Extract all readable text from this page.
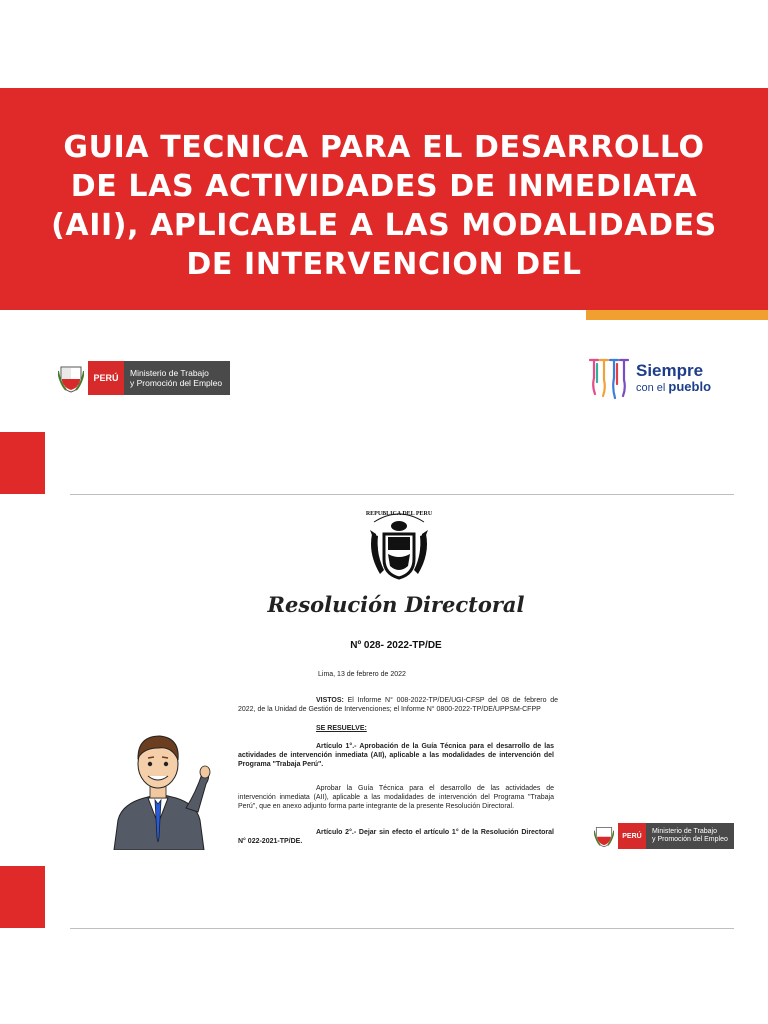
GUIA TECNICA PARA EL DESARROLLO DE LAS ACTIVIDADES DE INMEDIATA (AII), APLICABLE A LAS MODALIDADES DE INTERVENCION DEL
PERÚ	Ministerio de Trabajo
y Promoción del Empleo
Siempre
con el pueblo
REPUBLICA DEL PERU

Resolución Directoral

Nº 028- 2022-TP/DE

Lima, 13 de febrero de 2022

VISTOS: El Informe N° 008-2022-TP/DE/UGI-CFSP del 08 de febrero de 2022, de la Unidad de Gestión de Intervenciones; el Informe N° 0800-2022-TP/DE/UPPSM-CFPP

SE RESUELVE:

Artículo 1°.- Aprobación de la Guía Técnica para el desarrollo de las actividades de intervención inmediata (AII), aplicable a las modalidades de intervención del Programa "Trabaja Perú".

Aprobar la Guía Técnica para el desarrollo de las actividades de intervención inmediata (AII), aplicable a las modalidades de intervención del Programa "Trabaja Perú", que en anexo adjunto forma parte integrante de la presente Resolución Directoral.

Artículo 2°.- Dejar sin efecto el artículo 1° de la Resolución Directoral N° 022-2021-TP/DE.

PERÚ
Ministerio de Trabajo
y Promoción del Empleo
